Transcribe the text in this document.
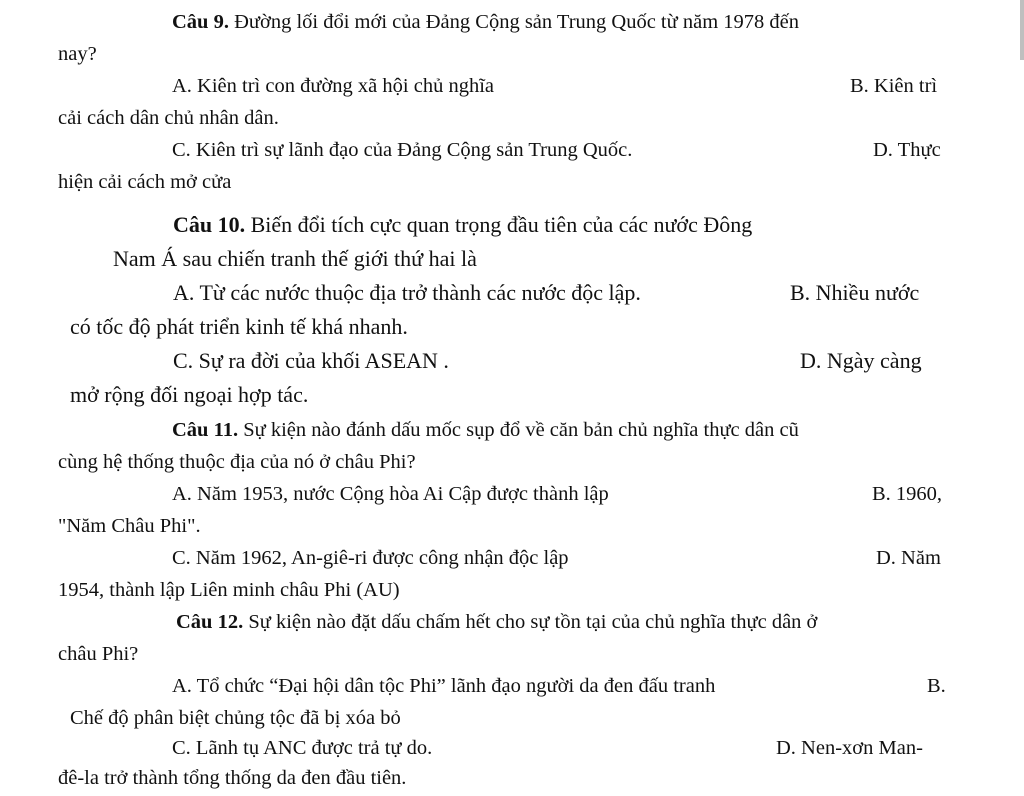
Câu 9. Đường lối đổi mới của Đảng Cộng sản Trung Quốc từ năm 1978 đến
nay?
A. Kiên trì con đường xã hội chủ nghĩa	B. Kiên trì
cải cách dân chủ nhân dân.
C. Kiên trì sự lãnh đạo của Đảng Cộng sản Trung Quốc.	D. Thực
hiện cải cách mở cửa
Câu 10. Biến đổi tích cực quan trọng đầu tiên của các nước Đông
Nam Á sau chiến tranh thế giới thứ hai là
A. Từ các nước thuộc địa trở thành các nước độc lập.	B. Nhiều nước
có tốc độ phát triển kinh tế khá nhanh.
C. Sự ra đời của khối ASEAN .	D. Ngày càng
mở rộng đối ngoại hợp tác.
Câu 11. Sự kiện nào đánh dấu mốc sụp đổ về căn bản chủ nghĩa thực dân cũ
cùng hệ thống thuộc địa của nó ở châu Phi?
A. Năm 1953, nước Cộng hòa Ai Cập được thành lập	B. 1960,
"Năm Châu Phi".
C. Năm 1962, An-giê-ri được công nhận độc lập	D. Năm
1954, thành lập Liên minh châu Phi (AU)
Câu 12. Sự kiện nào đặt dấu chấm hết cho sự tồn tại của chủ nghĩa thực dân ở
châu Phi?
A. Tổ chức “Đại hội dân tộc Phi” lãnh đạo người da đen đấu tranh	B.
Chế độ phân biệt chủng tộc đã bị xóa bỏ
C. Lãnh tụ ANC được trả tự do.	D. Nen-xơn Man-
đê-la trở thành tổng thống da đen đầu tiên.
